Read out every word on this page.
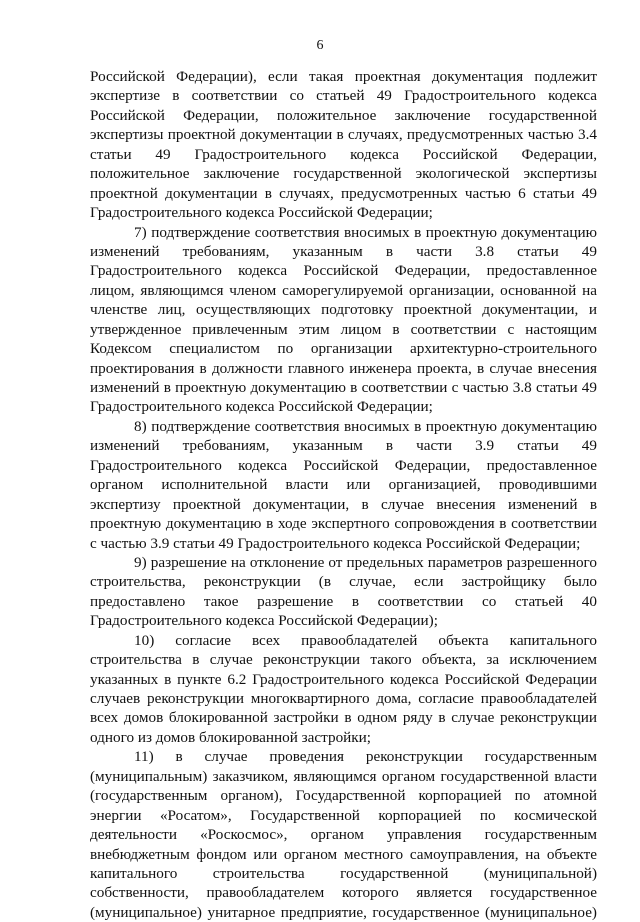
6
Российской Федерации), если такая проектная документация подлежит
экспертизе в соответствии со статьей 49 Градостроительного кодекса
Российской Федерации, положительное заключение государственной
экспертизы проектной документации в случаях, предусмотренных частью 3.4
статьи 49 Градостроительного кодекса Российской Федерации,
положительное заключение государственной экологической экспертизы
проектной документации в случаях, предусмотренных частью 6 статьи 49
Градостроительного кодекса Российской Федерации;
7) подтверждение соответствия вносимых в проектную документацию
изменений требованиям, указанным в части 3.8 статьи 49
Градостроительного кодекса Российской Федерации, предоставленное
лицом, являющимся членом саморегулируемой организации, основанной на
членстве лиц, осуществляющих подготовку проектной документации, и
утвержденное привлеченным этим лицом в соответствии с настоящим
Кодексом специалистом по организации архитектурно-строительного
проектирования в должности главного инженера проекта, в случае внесения
изменений в проектную документацию в соответствии с частью 3.8 статьи 49
Градостроительного кодекса Российской Федерации;
8) подтверждение соответствия вносимых в проектную документацию
изменений требованиям, указанным в части 3.9 статьи 49
Градостроительного кодекса Российской Федерации, предоставленное
органом исполнительной власти или организацией, проводившими
экспертизу проектной документации, в случае внесения изменений в
проектную документацию в ходе экспертного сопровождения в соответствии
с частью 3.9 статьи 49 Градостроительного кодекса Российской Федерации;
9) разрешение на отклонение от предельных параметров разрешенного
строительства, реконструкции (в случае, если застройщику было
предоставлено такое разрешение в соответствии со статьей 40
Градостроительного кодекса Российской Федерации);
10) согласие всех правообладателей объекта капитального
строительства в случае реконструкции такого объекта, за исключением
указанных в пункте 6.2 Градостроительного кодекса Российской Федерации
случаев реконструкции многоквартирного дома, согласие правообладателей
всех домов блокированной застройки в одном ряду в случае реконструкции
одного из домов блокированной застройки;
11) в случае проведения реконструкции государственным
(муниципальным) заказчиком, являющимся органом государственной власти
(государственным органом), Государственной корпорацией по атомной
энергии «Росатом», Государственной корпорацией по космической
деятельности «Роскосмос», органом управления государственным
внебюджетным фондом или органом местного самоуправления, на объекте
капитального строительства государственной (муниципальной)
собственности, правообладателем которого является государственное
(муниципальное) унитарное предприятие, государственное (муниципальное)
